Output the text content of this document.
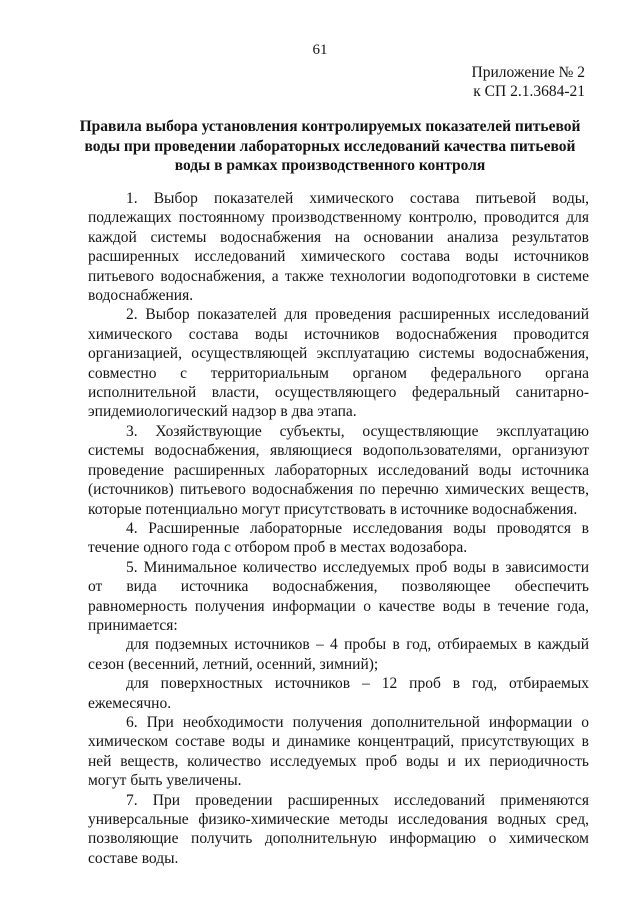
61
Приложение № 2
к СП 2.1.3684-21
Правила выбора установления контролируемых показателей питьевой
воды при проведении лабораторных исследований качества питьевой
воды в рамках производственного контроля

1. Выбор показателей химического состава питьевой воды, подлежащих постоянному производственному контролю, проводится для каждой системы водоснабжения на основании анализа результатов расширенных исследований химического состава воды источников питьевого водоснабжения, а также технологии водоподготовки в системе водоснабжения.

2. Выбор показателей для проведения расширенных исследований химического состава воды источников водоснабжения проводится организацией, осуществляющей эксплуатацию системы водоснабжения, совместно с территориальным органом федерального органа исполнительной власти, осуществляющего федеральный санитарно-эпидемиологический надзор в два этапа.

3. Хозяйствующие субъекты, осуществляющие эксплуатацию системы водоснабжения, являющиеся водопользователями, организуют проведение расширенных лабораторных исследований воды источника (источников) питьевого водоснабжения по перечню химических веществ, которые потенциально могут присутствовать в источнике водоснабжения.

4. Расширенные лабораторные исследования воды проводятся в течение одного года с отбором проб в местах водозабора.

5. Минимальное количество исследуемых проб воды в зависимости от вида источника водоснабжения, позволяющее обеспечить равномерность получения информации о качестве воды в течение года, принимается:

для подземных источников – 4 пробы в год, отбираемых в каждый сезон (весенний, летний, осенний, зимний);

для поверхностных источников – 12 проб в год, отбираемых ежемесячно.

6. При необходимости получения дополнительной информации о химическом составе воды и динамике концентраций, присутствующих в ней веществ, количество исследуемых проб воды и их периодичность могут быть увеличены.

7. При проведении расширенных исследований применяются универсальные физико-химические методы исследования водных сред, позволяющие получить дополнительную информацию о химическом составе воды.
